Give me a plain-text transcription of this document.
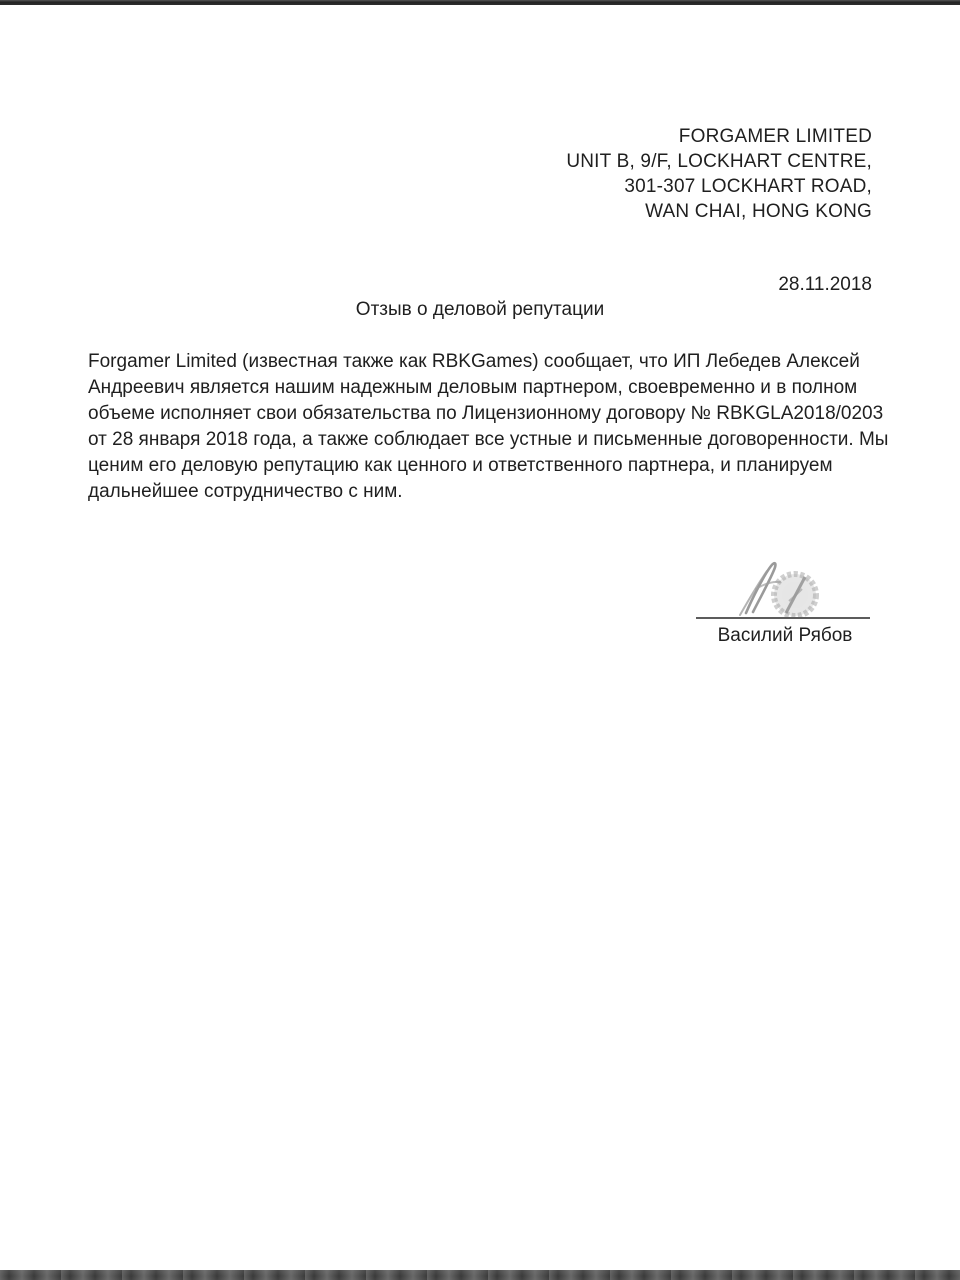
FORGAMER LIMITED
UNIT B, 9/F, LOCKHART CENTRE,
301-307 LOCKHART ROAD,
WAN CHAI, HONG KONG
28.11.2018
Отзыв о деловой репутации
Forgamer Limited (известная также как RBKGames) сообщает, что ИП Лебедев Алексей
Андреевич является нашим надежным деловым партнером, своевременно и в полном
объеме исполняет свои обязательства по Лицензионному договору № RBKGLA2018/0203
от 28 января 2018 года, а также соблюдает все устные и письменные договоренности. Мы
ценим его деловую репутацию как ценного и ответственного партнера, и планируем
дальнейшее сотрудничество с ним.
Василий Рябов
